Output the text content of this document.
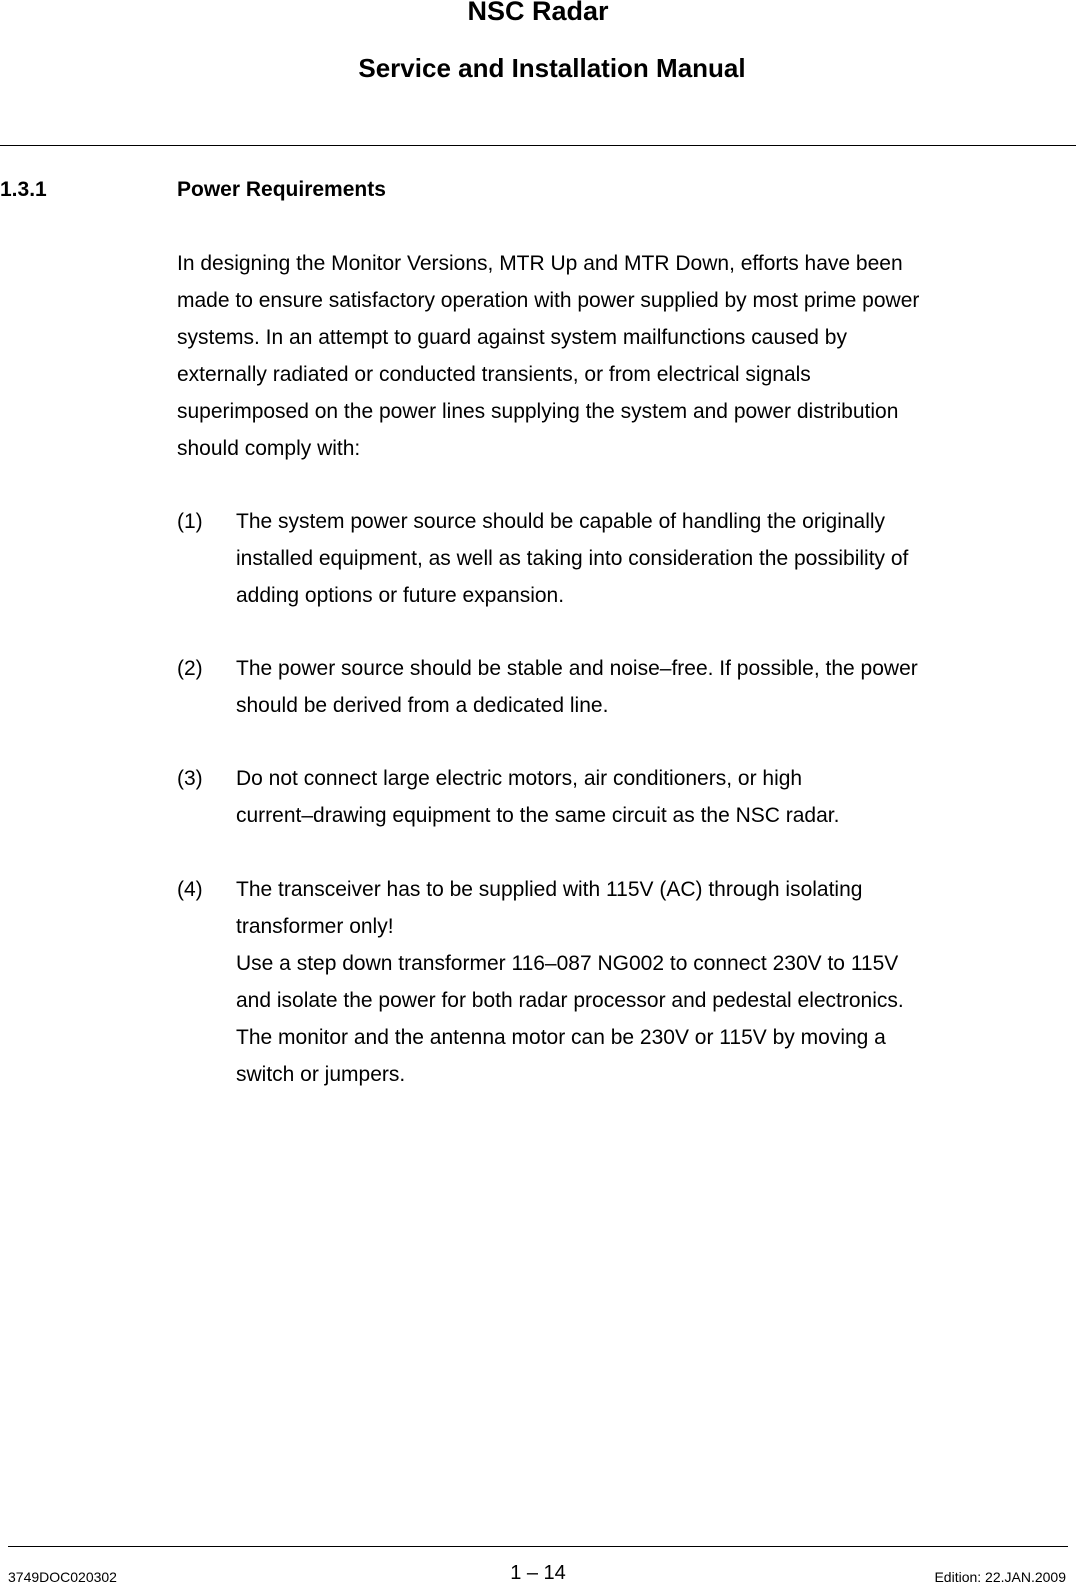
NSC Radar
Service and Installation Manual
1.3.1	Power Requirements
In designing the Monitor Versions, MTR Up and MTR Down, efforts have been
made to ensure satisfactory operation with power supplied by most prime power
systems. In an attempt to guard against system mailfunctions caused by
externally radiated or conducted transients, or from electrical signals
superimposed on the power lines supplying the system and power distribution
should comply with:
(1) The system power source should be capable of handling the originally
installed equipment, as well as taking into consideration the possibility of
adding options or future expansion.
(2) The power source should be stable and noise–free. If possible, the power
should be derived from a dedicated line.
(3) Do not connect large electric motors, air conditioners, or high
current–drawing equipment to the same circuit as the NSC radar.
(4) The transceiver has to be supplied with 115V (AC) through isolating
transformer only!
Use a step down transformer 116–087 NG002 to connect 230V to 115V
and isolate the power for both radar processor and pedestal electronics.
The monitor and the antenna motor can be 230V or 115V by moving a
switch or jumpers.
3749DOC020302	1 – 14	Edition: 22.JAN.2009
